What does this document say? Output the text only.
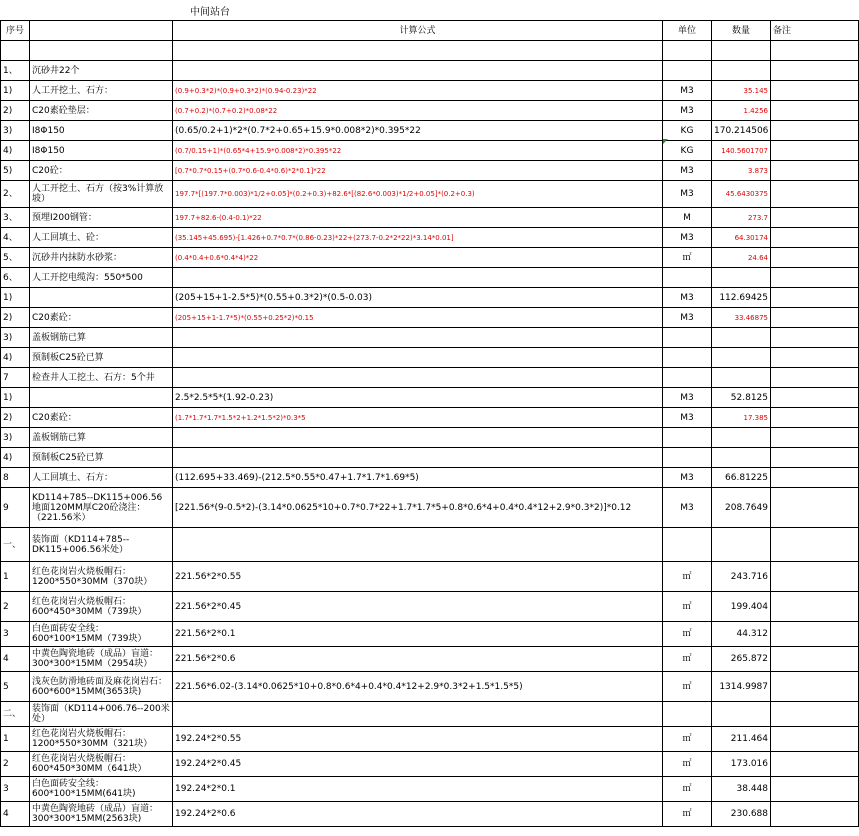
中间站台
序号		计算公式	单位	数量	备注

1、	沉砂井22个				
1)	人工开挖土、石方：	(0.9+0.3*2)*(0.9+0.3*2)*(0.94-0.23)*22	M3	35.145	
2)	C20素砼垫层：	(0.7+0.2)*(0.7+0.2)*0.08*22	M3	1.4256	
3)	Ⅰ8Φ150	(0.65/0.2+1)*2*(0.7*2+0.65+15.9*0.008*2)*0.395*22	KG	170.214506	
4)	Ⅰ8Φ150	(0.7/0.15+1)*(0.65*4+15.9*0.008*2)*0.395*22	KG	140.5601707	
5)	C20砼：	[0.7*0.7*0.15+(0.7*0.6-0.4*0.6)*2*0.1]*22	M3	3.873	
2、	人工开挖土、石方（按3%计算放坡）	197.7*[(197.7*0.003)*1/2+0.05]*(0.2+0.3)+82.6*[(82.6*0.003)*1/2+0.05]*(0.2+0.3)	M3	45.6430375	
3、	预埋Ⅰ200钢管：	197.7+82.6-(0.4-0.1)*22	M	273.7	
4、	人工回填土、砼：	(35.145+45.695)-[1.426+0.7*0.7*(0.86-0.23)*22+(273.7-0.2*2*22)*3.14*0.01]	M3	64.30174	
5、	沉砂井内抹防水砂浆：	(0.4*0.4+0.6*0.4*4)*22	㎡	24.64	
6、	人工开挖电缆沟：550*500				
1)		(205+15+1-2.5*5)*(0.55+0.3*2)*(0.5-0.03)	M3	112.69425	
2)	C20素砼：	(205+15+1-1.7*5)*(0.55+0.25*2)*0.15	M3	33.46875	
3)	盖板钢筋已算				
4)	预制板C25砼已算				
7	检查井人工挖土、石方：5个井				
1)		2.5*2.5*5*(1.92-0.23)	M3	52.8125	
2)	C20素砼：	(1.7*1.7*1.7*1.5*2+1.2*1.5*2)*0.3*5	M3	17.385	
3)	盖板钢筋已算				
4)	预制板C25砼已算				
8	人工回填土、石方：	(112.695+33.469)-(212.5*0.55*0.47+1.7*1.7*1.69*5)	M3	66.81225	
9	KD114+785--DK115+006.56地面120MM厚C20砼浇注：（221.56米）	[221.56*(9-0.5*2)-(3.14*0.0625*10+0.7*0.7*22+1.7*1.7*5+0.8*0.6*4+0.4*0.4*12+2.9*0.3*2)]*0.12	M3	208.7649	
一、	装饰面（KD114+785--DK115+006.56米处）				
1	红色花岗岩火烧板帽石：1200*550*30MM（370块）	221.56*2*0.55	㎡	243.716	
2	红色花岗岩火烧板帽石：600*450*30MM（739块）	221.56*2*0.45	㎡	199.404	
3	白色面砖安全线：600*100*15MM（739块）	221.56*2*0.1	㎡	44.312	
4	中黄色陶瓷地砖（成品）盲道：300*300*15MM（2954块）	221.56*2*0.6	㎡	265.872	
5	浅灰色防滑地砖面及麻花岗岩石：600*600*15MM(3653块)	221.56*6.02-(3.14*0.0625*10+0.8*0.6*4+0.4*0.4*12+2.9*0.3*2+1.5*1.5*5)	㎡	1314.9987	
二、	装饰面（KD114+006.76--200米处）				
1	红色花岗岩火烧板帽石：1200*550*30MM（321块）	192.24*2*0.55	㎡	211.464	
2	红色花岗岩火烧板帽石：600*450*30MM（641块）	192.24*2*0.45	㎡	173.016	
3	白色面砖安全线：600*100*15MM(641块)	192.24*2*0.1	㎡	38.448	
4	中黄色陶瓷地砖（成品）盲道：300*300*15MM(2563块)	192.24*2*0.6	㎡	230.688	
